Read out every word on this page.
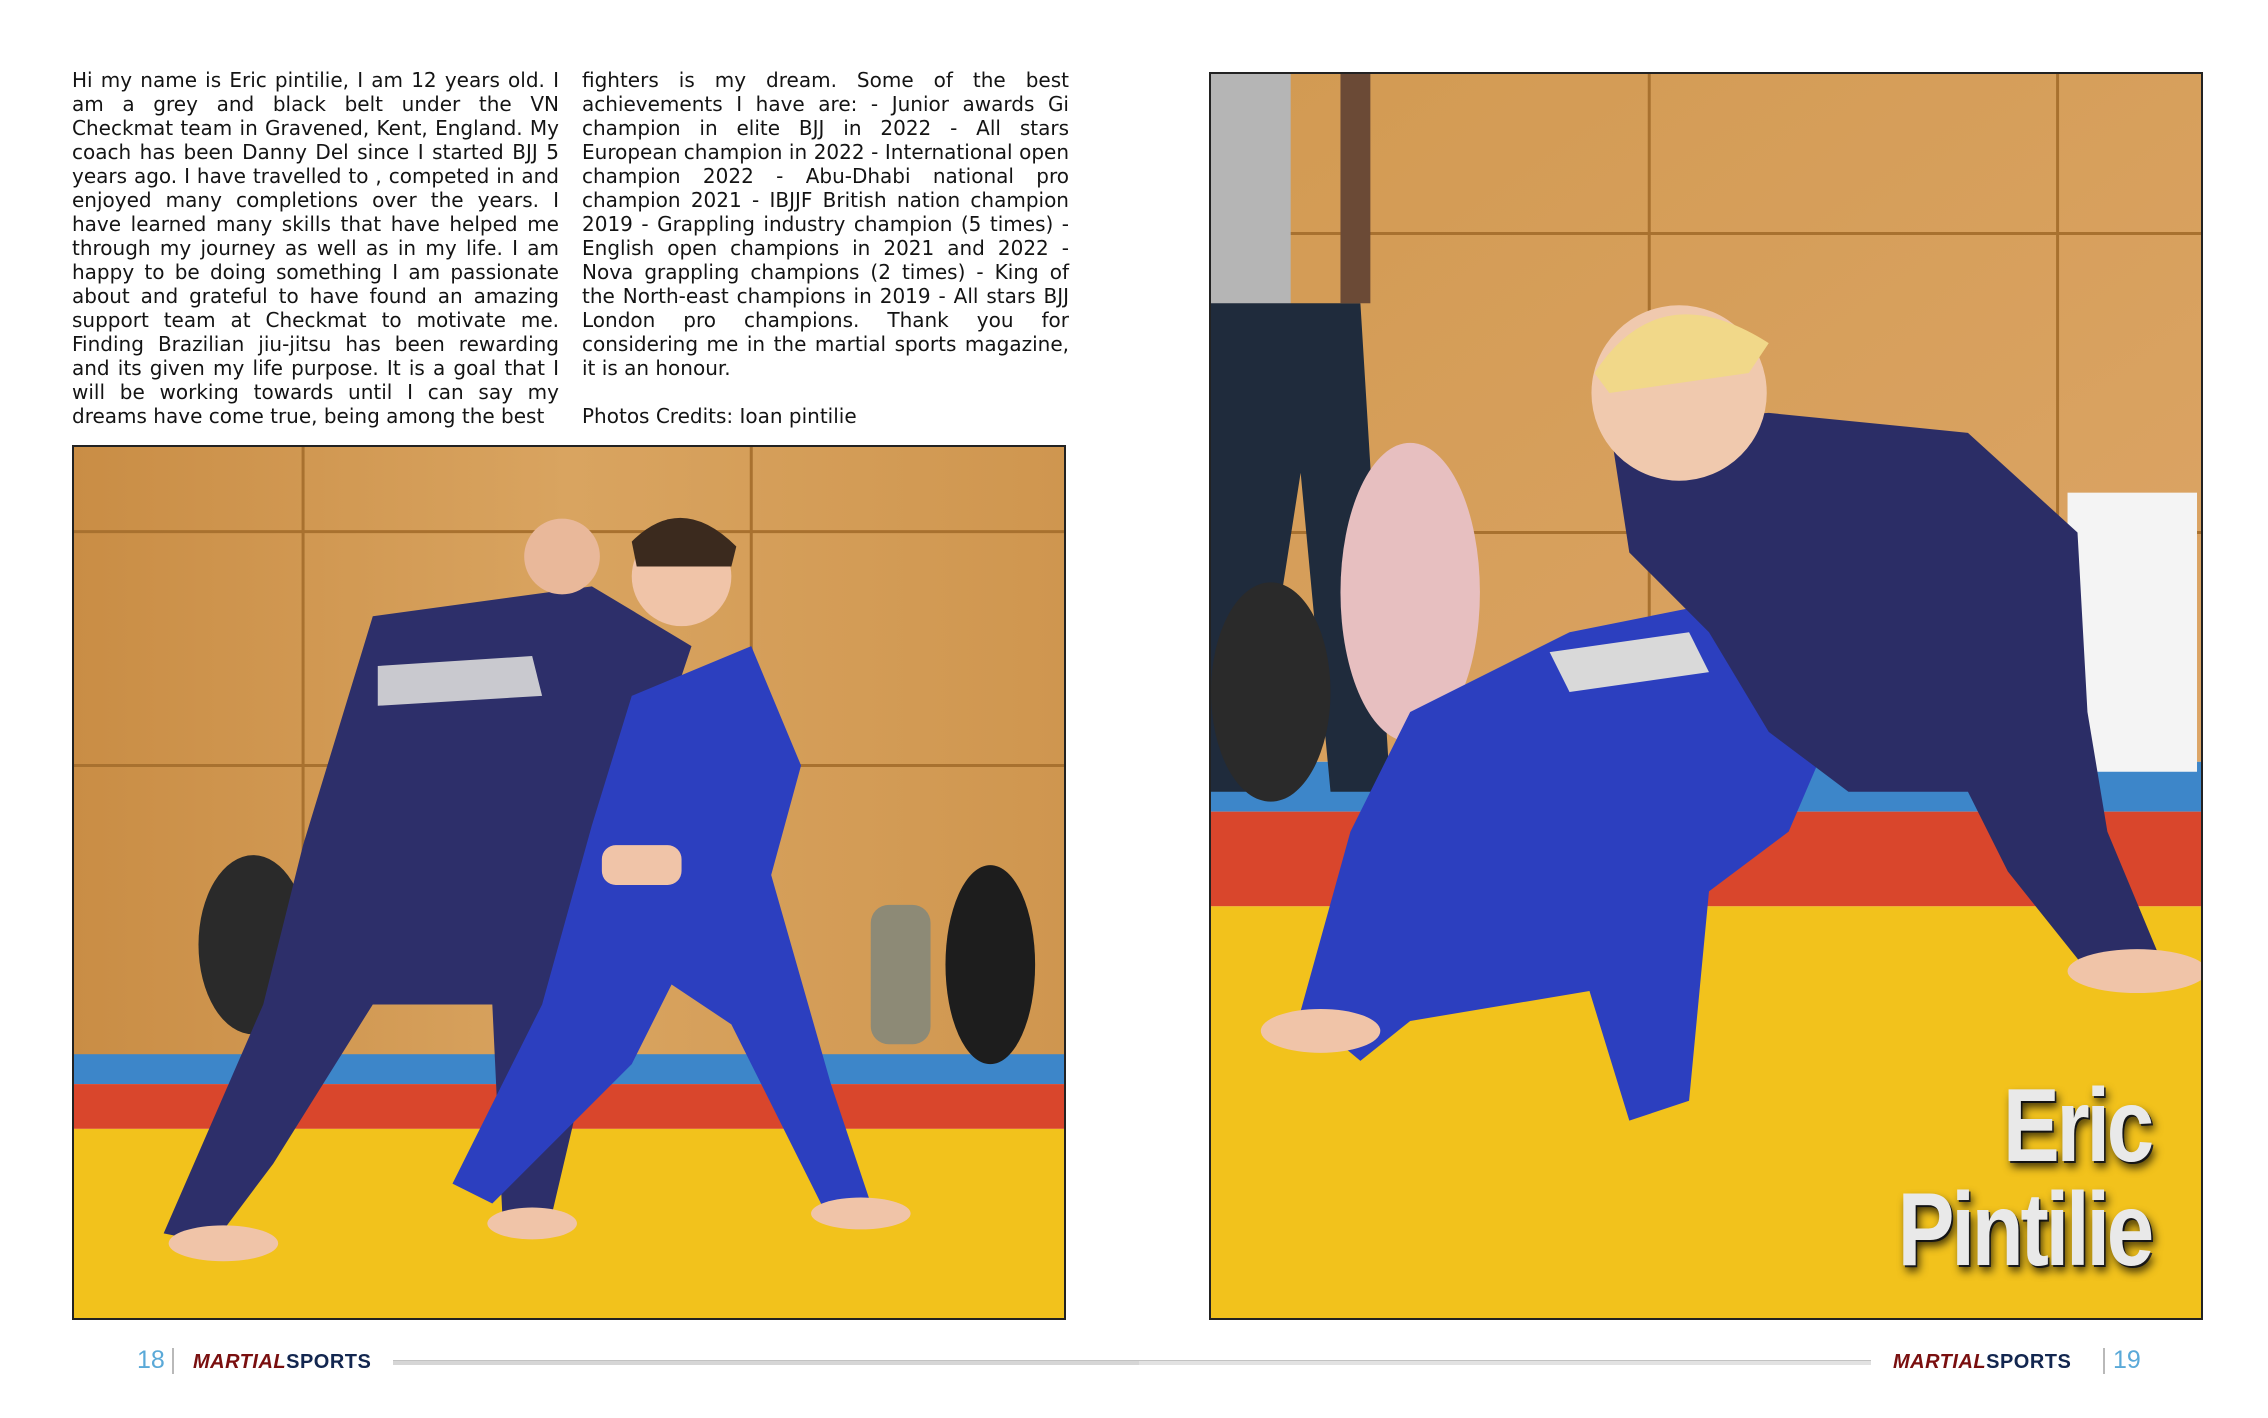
Hi my name is Eric pintilie, I am 12 years old. I am a grey and black belt under the VN Checkmat team in Gravened, Kent, England. My coach has been Danny Del since I started BJJ 5 years ago. I have travelled to , competed in and enjoyed many completions over the years. I have learned many skills that have helped me through my journey as well as in my life. I am happy to be doing something I am passionate about and grateful to have found an amazing support team at Checkmat to motivate me. Finding Brazilian jiu-jitsu has been rewarding and its given my life purpose. It is a goal that I will be working towards until I can say my dreams have come true, being among the best

fighters is my dream. Some of the best achievements I have are: - Junior awards Gi champion in elite BJJ in 2022 - All stars European champion in 2022 - International open champion 2022 - Abu-Dhabi national pro champion 2021 - IBJJF British nation champion 2019 - Grappling industry champion (5 times) - English open champions in 2021 and 2022 - Nova grappling champions (2 times) - King of the North-east champions in 2019 - All stars BJJ London pro champions. Thank you for considering me in the martial sports magazine, it is an honour.

Photos Credits: Ioan pintilie

Eric
Pintilie
18 MARTIALSPORTS	MARTIALSPORTS 19
